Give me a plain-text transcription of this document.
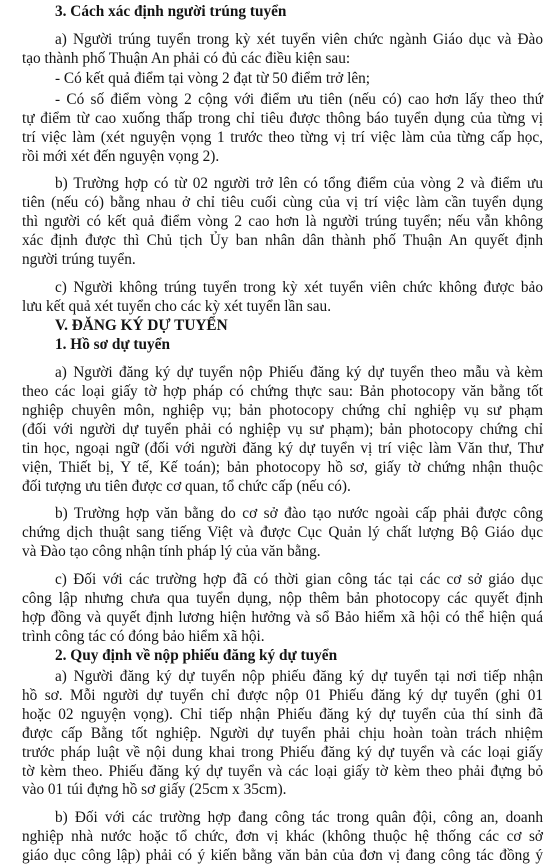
3. Cách xác định người trúng tuyển
a) Người trúng tuyển trong kỳ xét tuyển viên chức ngành Giáo dục và Đào
tạo thành phố Thuận An phải có đủ các điều kiện sau:
- Có kết quả điểm tại vòng 2 đạt từ 50 điểm trở lên;
- Có số điểm vòng 2 cộng với điểm ưu tiên (nếu có) cao hơn lấy theo thứ
tự điểm từ cao xuống thấp trong chỉ tiêu được thông báo tuyển dụng của từng vị
trí việc làm (xét nguyện vọng 1 trước theo từng vị trí việc làm của từng cấp học,
rồi mới xét đến nguyện vọng 2).
b) Trường hợp có từ 02 người trở lên có tổng điểm của vòng 2 và điểm ưu
tiên (nếu có) bằng nhau ở chỉ tiêu cuối cùng của vị trí việc làm cần tuyển dụng
thì người có kết quả điểm vòng 2 cao hơn là người trúng tuyển; nếu vẫn không
xác định được thì Chủ tịch Ủy ban nhân dân thành phố Thuận An quyết định
người trúng tuyển.
c) Người không trúng tuyển trong kỳ xét tuyển viên chức không được bảo
lưu kết quả xét tuyển cho các kỳ xét tuyển lần sau.
V. ĐĂNG KÝ DỰ TUYỂN
1. Hồ sơ dự tuyển
a) Người đăng ký dự tuyển nộp Phiếu đăng ký dự tuyển theo mẫu và kèm
theo các loại giấy tờ hợp pháp có chứng thực sau: Bản photocopy văn bằng tốt
nghiệp chuyên môn, nghiệp vụ; bản photocopy chứng chỉ nghiệp vụ sư phạm
(đối với người dự tuyển phải có nghiệp vụ sư phạm); bản photocopy chứng chỉ
tin học, ngoại ngữ (đối với người đăng ký dự tuyển vị trí việc làm Văn thư, Thư
viện, Thiết bị, Y tế, Kế toán); bản photocopy hồ sơ, giấy tờ chứng nhận thuộc
đối tượng ưu tiên được cơ quan, tổ chức cấp (nếu có).
b) Trường hợp văn bằng do cơ sở đào tạo nước ngoài cấp phải được công
chứng dịch thuật sang tiếng Việt và được Cục Quản lý chất lượng Bộ Giáo dục
và Đào tạo công nhận tính pháp lý của văn bằng.
c) Đối với các trường hợp đã có thời gian công tác tại các cơ sở giáo dục
công lập nhưng chưa qua tuyển dụng, nộp thêm bản photocopy các quyết định
hợp đồng và quyết định lương hiện hưởng và sổ Bảo hiểm xã hội có thể hiện quá
trình công tác có đóng bảo hiểm xã hội.
2. Quy định về nộp phiếu đăng ký dự tuyển
a) Người đăng ký dự tuyển nộp phiếu đăng ký dự tuyển tại nơi tiếp nhận
hồ sơ. Mỗi người dự tuyển chỉ được nộp 01 Phiếu đăng ký dự tuyển (ghi 01
hoặc 02 nguyện vọng). Chỉ tiếp nhận Phiếu đăng ký dự tuyển của thí sinh đã
được cấp Bằng tốt nghiệp. Người dự tuyển phải chịu hoàn toàn trách nhiệm
trước pháp luật về nội dung khai trong Phiếu đăng ký dự tuyển và các loại giấy
tờ kèm theo. Phiếu đăng ký dự tuyển và các loại giấy tờ kèm theo phải đựng bỏ
vào 01 túi đựng hồ sơ giấy (25cm x 35cm).
b) Đối với các trường hợp đang công tác trong quân đội, công an, doanh
nghiệp nhà nước hoặc tổ chức, đơn vị khác (không thuộc hệ thống các cơ sở
giáo dục công lập) phải có ý kiến bằng văn bản của đơn vị đang công tác đồng ý
